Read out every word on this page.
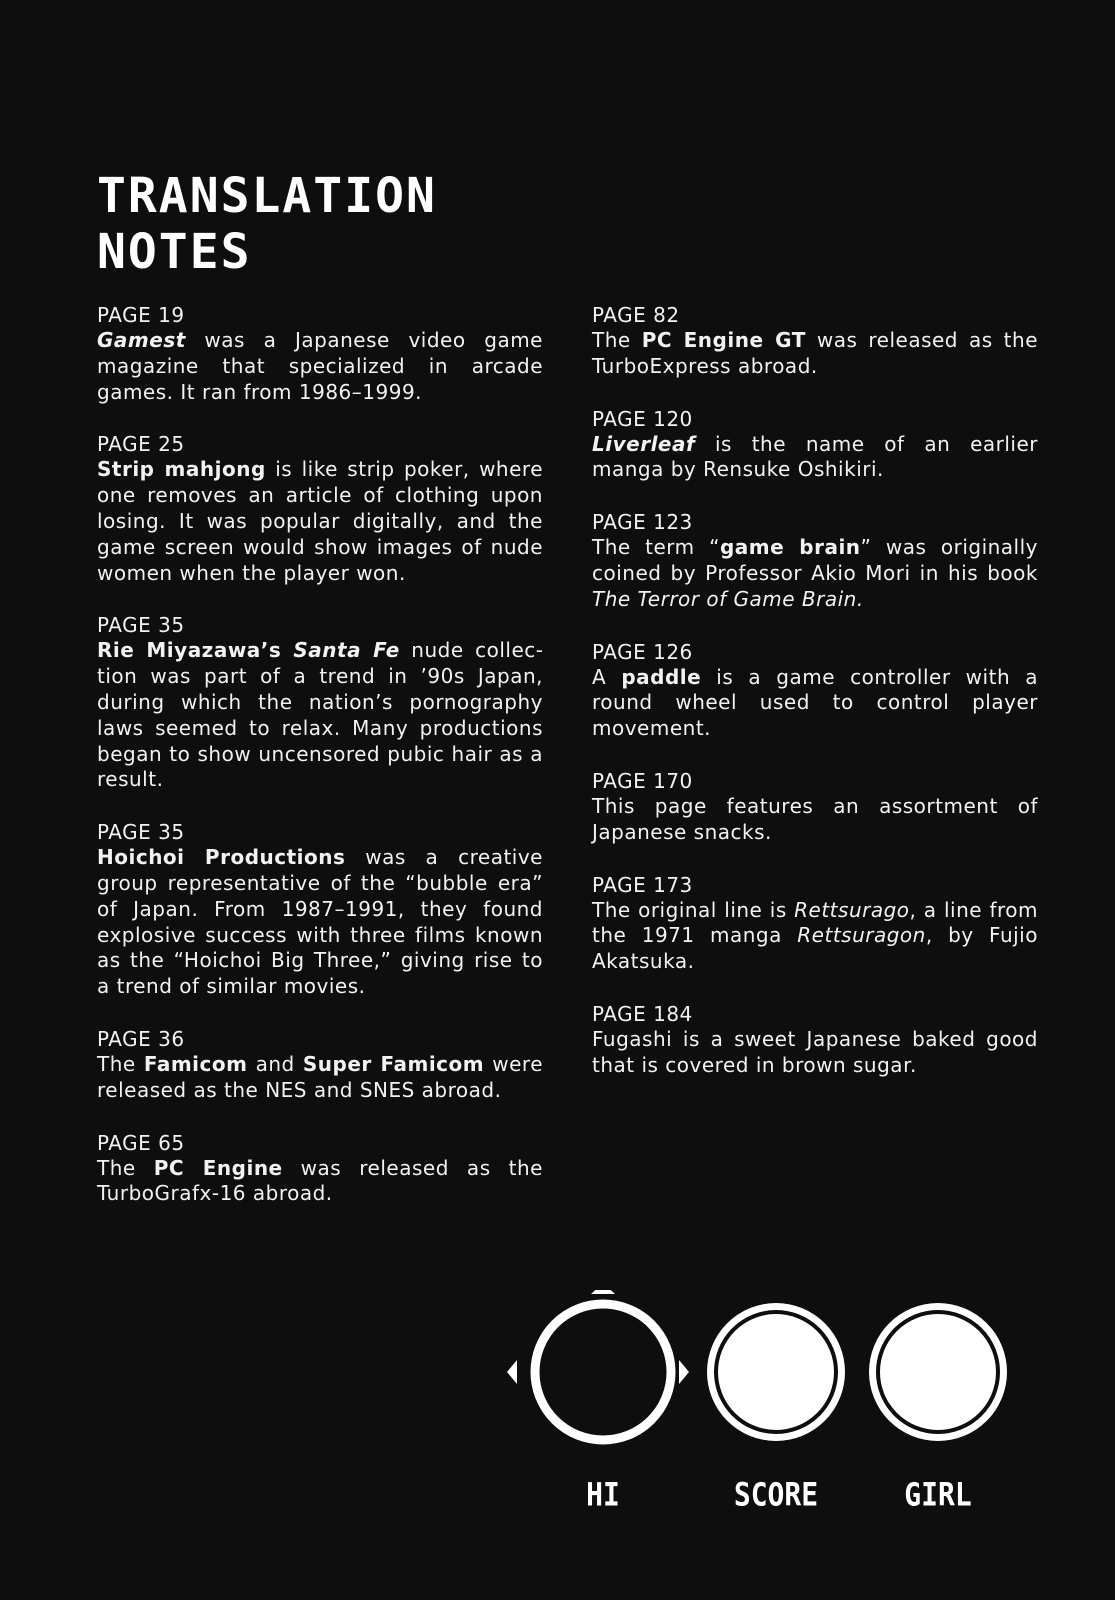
TRANSLATION
NOTES
PAGE 19

Gamest was a Japanese video game magazine that specialized in arcade games. It ran from 1986–1999.

PAGE 25

Strip mahjong is like strip poker, where one removes an article of clothing upon losing. It was popular digitally, and the game screen would show images of nude women when the player won.

PAGE 35

Rie Miyazawa’s Santa Fe nude collection was part of a trend in ’90s Japan, during which the nation’s pornography laws seemed to relax. Many productions began to show uncensored pubic hair as a result.

PAGE 35

Hoichoi Productions was a creative group representative of the “bubble era” of Japan. From 1987–1991, they found explosive success with three films known as the “Hoichoi Big Three,” giving rise to a trend of similar movies.

PAGE 36

The Famicom and Super Famicom were released as the NES and SNES abroad.

PAGE 65

The PC Engine was released as the TurboGrafx-16 abroad.

PAGE 82

The PC Engine GT was released as the TurboExpress abroad.

PAGE 120

Liverleaf is the name of an earlier manga by Rensuke Oshikiri.

PAGE 123

The term “game brain” was originally coined by Professor Akio Mori in his book The Terror of Game Brain.

PAGE 126

A paddle is a game controller with a round wheel used to control player movement.

PAGE 170

This page features an assortment of Japanese snacks.

PAGE 173

The original line is Rettsurago, a line from the 1971 manga Rettsuragon, by Fujio Akatsuka.

PAGE 184

Fugashi is a sweet Japanese baked good that is covered in brown sugar.

HI	SCORE	GIRL
